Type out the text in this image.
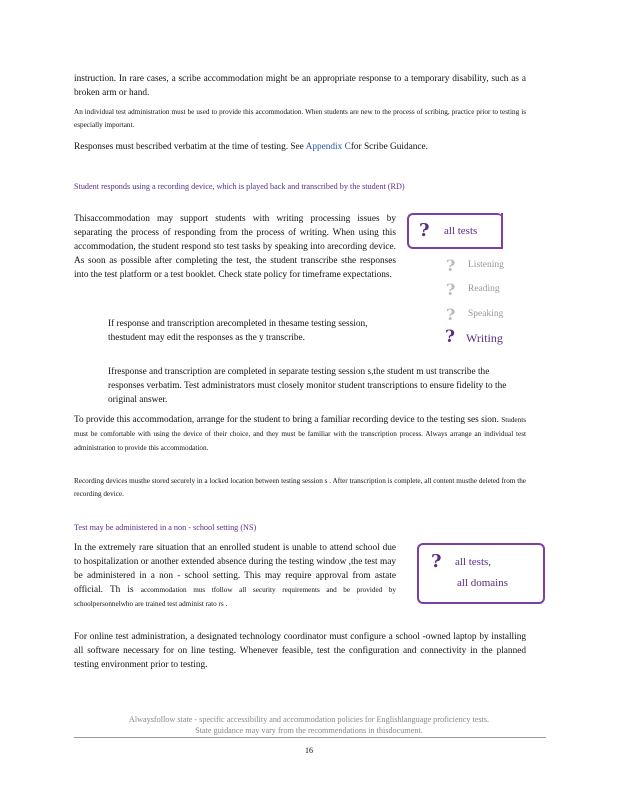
instruction. In rare cases, a scribe accommodation might be an appropriate response to a temporary disability, such as a broken arm or hand.
An individual test administration must be used to provide this accommodation. When students are new to the process of scribing, practice prior to testing is especially important.
Responses must bescribed verbatim at the time of testing. See Appendix Cfor Scribe Guidance.
Student responds using a recording device, which is played back and transcribed by the student (RD)
Thisaccommodation may support students with writing processing issues by separating the process of responding from the process of writing. When using this accommodation, the student respond sto test tasks by speaking into arecording device. As soon as possible after completing the test, the student transcribe sthe responses into the test platform or a test booklet. Check state policy for timeframe expectations.
If response and transcription arecompleted in thesame testing session, thestudent may edit the responses as the y transcribe.
Ifresponse and transcription are completed in separate testing session s,the student m ust transcribe the responses verbatim. Test administrators must closely monitor student transcriptions to ensure fidelity to the original answer.
To provide this accommodation, arrange for the student to bring a familiar recording device to the testing ses sion. Students must be comfortable with using the device of their choice, and they must be familiar with the transcription process. Always arrange an individual test administration to provide this accommodation.
Recording devices musthe stored securely in a locked location between testing session s . After transcription is complete, all content musthe deleted from the recording device.
Test may be administered in a non - school setting (NS)
In the extremely rare situation that an enrolled student is unable to attend school due to hospitalization or another extended absence during the testing window ,the test may be administered in a non - school setting. This may require approval from astate official. Th is accommodation mus tfollow all security requirements and be provided by schoolpersonnelwho are trained test administ rato rs .
For online test administration, a designated technology coordinator must configure a school -owned laptop by installing all software necessary for on line testing. Whenever feasible, test the configuration and connectivity in the planned testing environment prior to testing.
? all tests
? Listening
? Reading
? Speaking
? Writing
? all tests,
all domains
Alwaysfollow state - specific accessibility and accommodation policies for Englishlanguage proficiency tests.
State guidance may vary from the recommendations in thisdocument.
16
